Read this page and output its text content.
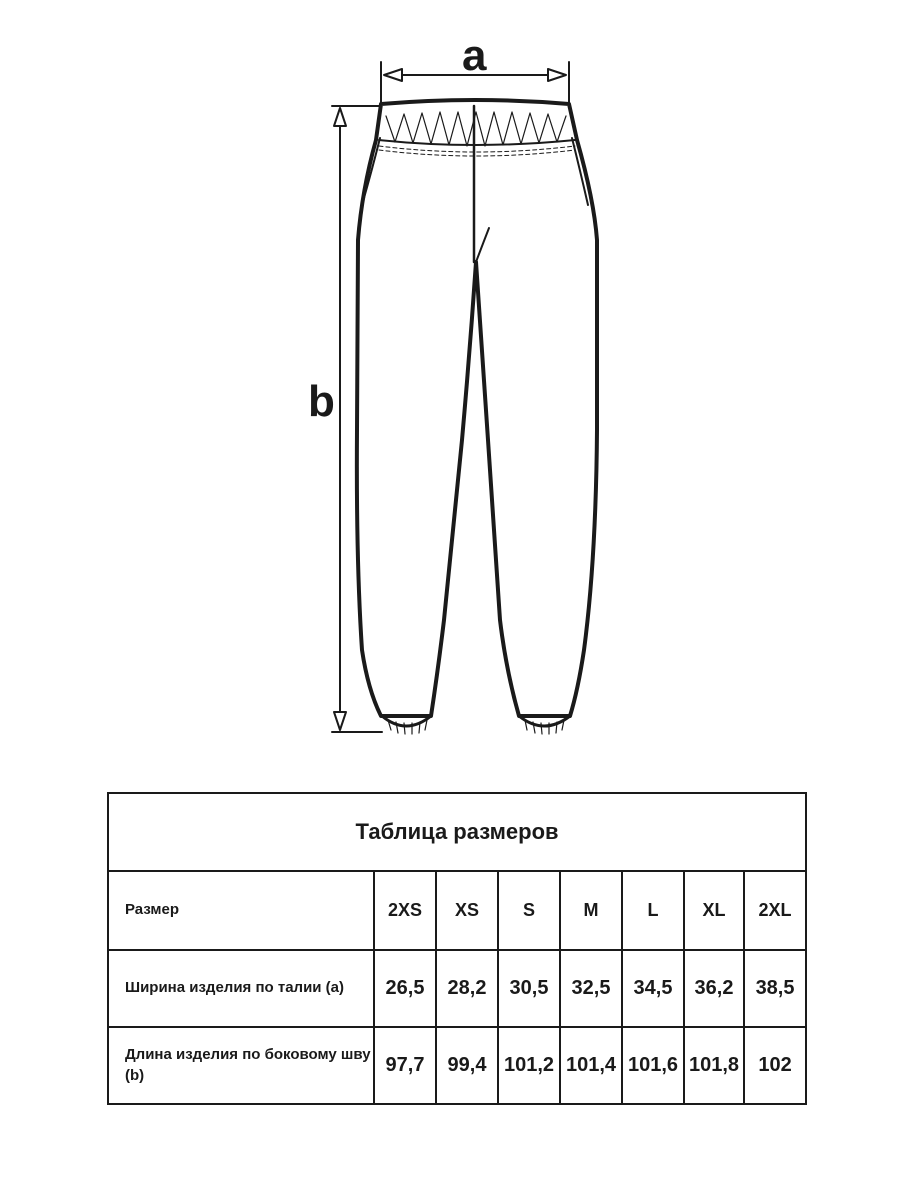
a
b
Таблица размеров							
Размер	2XS	XS	S	M	L	XL	2XL
Ширина изделия по талии (a)	26,5	28,2	30,5	32,5	34,5	36,2	38,5
Длина изделия по боковому шву (b)	97,7	99,4	101,2	101,4	101,6	101,8	102
